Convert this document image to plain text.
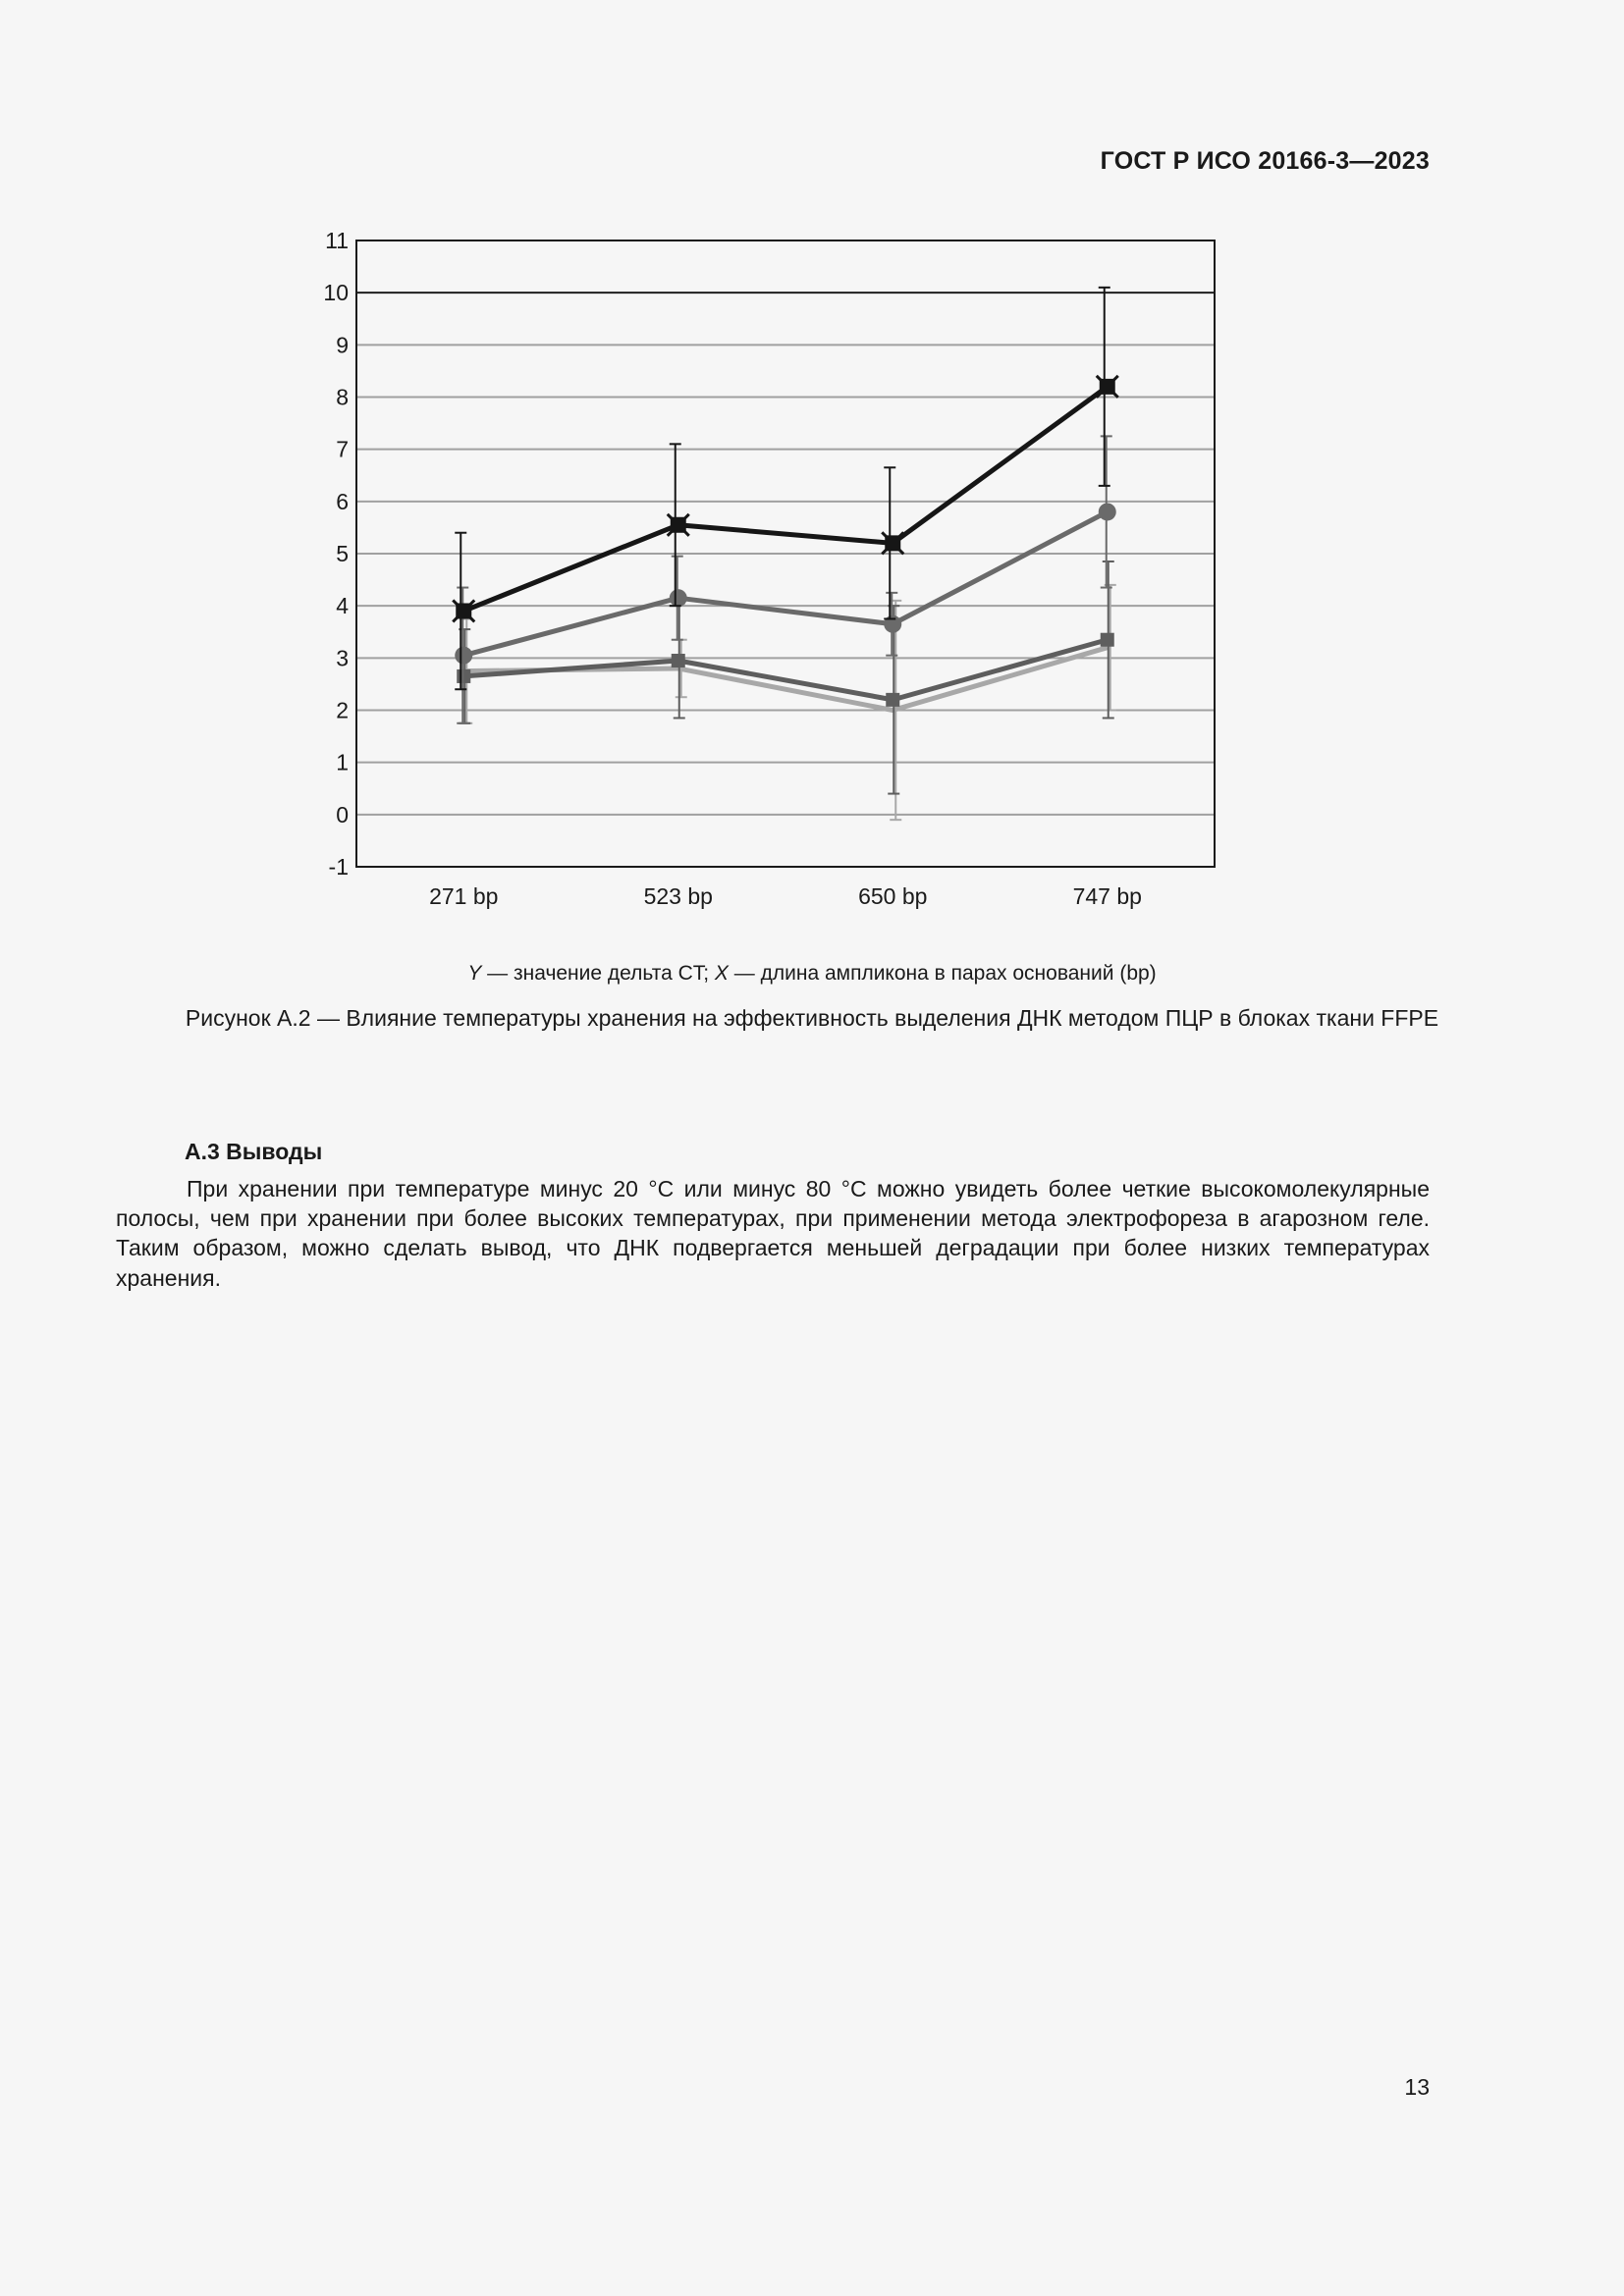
ГОСТ Р ИСО 20166-3—2023
-1
0
1
2
3
4
5
6
7
8
9
10
11
271 bp	523 bp	650 bp	747 bp
Y — значение дельта CT; X — длина ампликона в парах оснований (bp)
Рисунок А.2 — Влияние температуры хранения на эффективность выделения ДНК методом ПЦР в блоках ткани FFPE
А.3 Выводы
При хранении при температуре минус 20 °С или минус 80 °С можно увидеть более четкие высокомолекулярные полосы, чем при хранении при более высоких температурах, при применении метода электрофореза в агарозном геле. Таким образом, можно сделать вывод, что ДНК подвергается меньшей деградации при более низких температурах хранения.
13
